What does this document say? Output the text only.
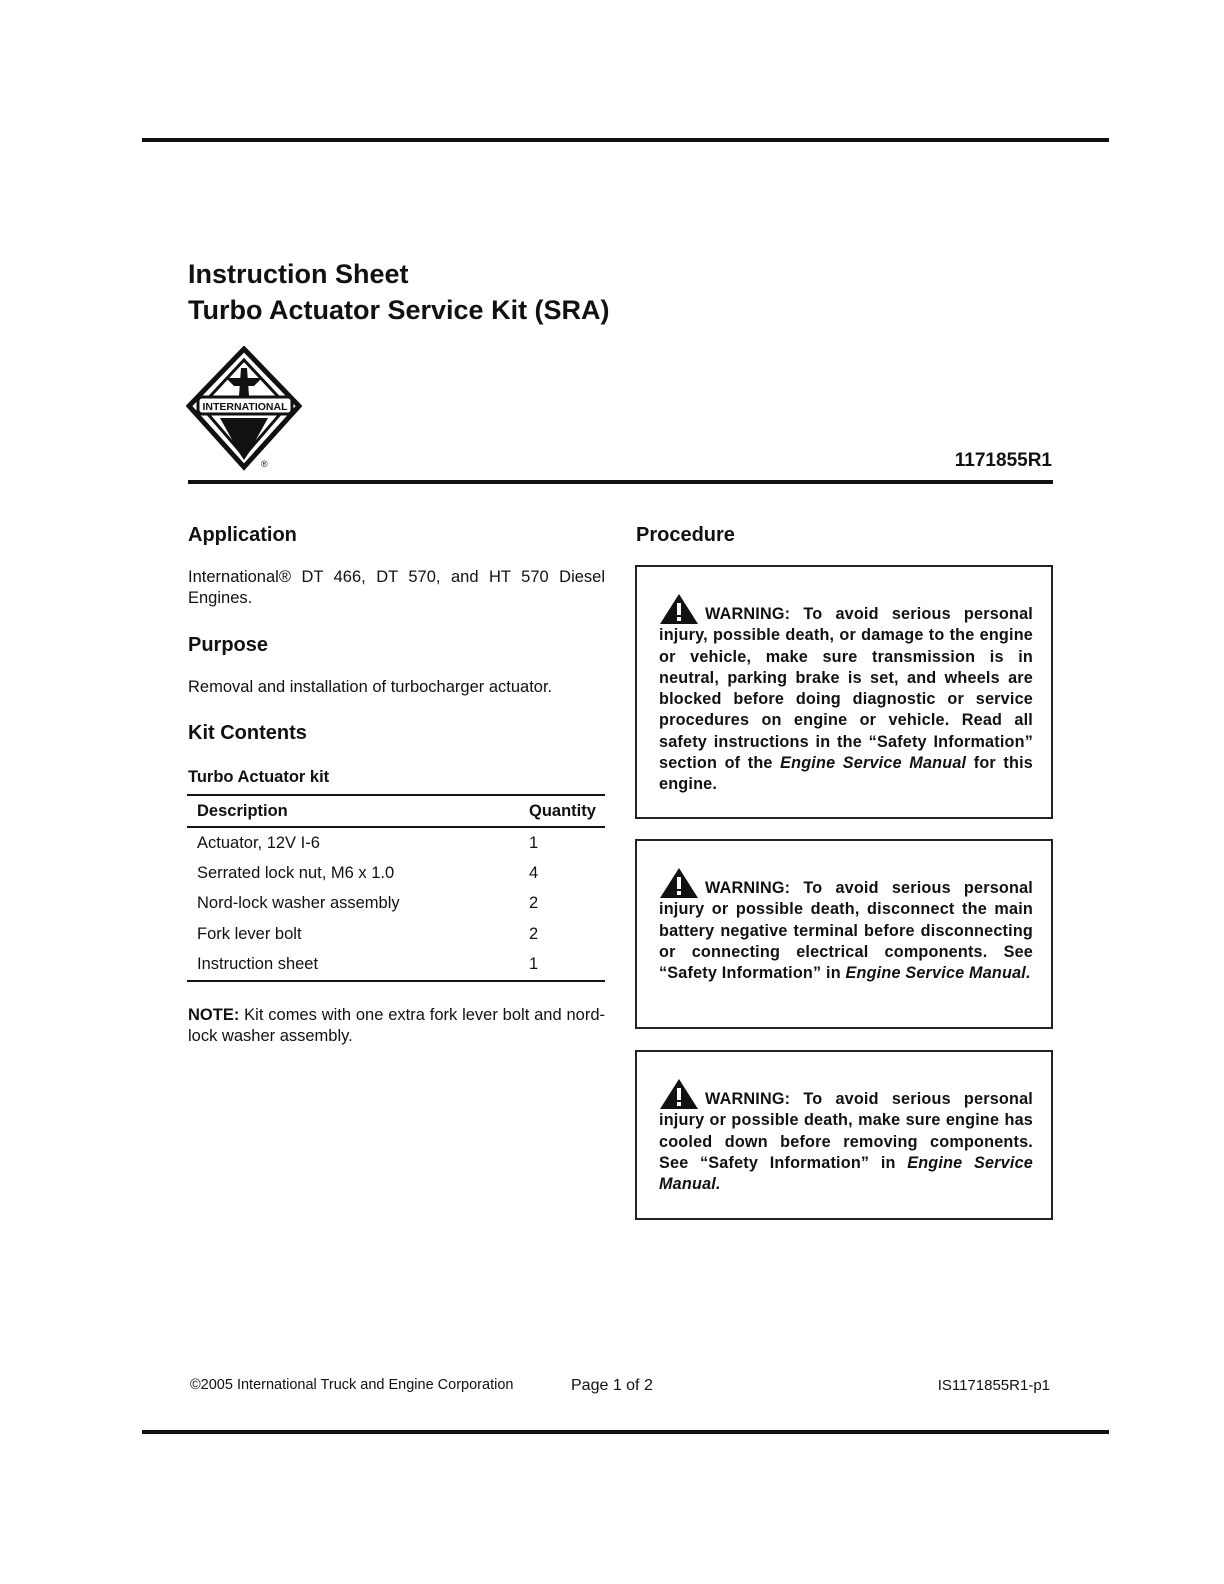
Instruction Sheet
Turbo Actuator Service Kit (SRA)
INTERNATIONAL
®	1171855R1
Application
International® DT 466, DT 570, and HT 570 Diesel Engines.
Purpose
Removal and installation of turbocharger actuator.
Kit Contents
Turbo Actuator kit
Description	Quantity
Actuator, 12V I-6	1
Serrated lock nut, M6 x 1.0	4
Nord-lock washer assembly	2
Fork lever bolt	2
Instruction sheet	1
NOTE: Kit comes with one extra fork lever bolt and nord-lock washer assembly.
Procedure
WARNING: To avoid serious personal injury, possible death, or damage to the engine or vehicle, make sure transmission is in neutral, parking brake is set, and wheels are blocked before doing diagnostic or service procedures on engine or vehicle. Read all safety instructions in the “Safety Information” section of the Engine Service Manual for this engine.
WARNING: To avoid serious personal injury or possible death, disconnect the main battery negative terminal before disconnecting or connecting electrical components. See “Safety Information” in Engine Service Manual.
WARNING: To avoid serious personal injury or possible death, make sure engine has cooled down before removing components. See “Safety Information” in Engine Service Manual.
©2005 International Truck and Engine Corporation	Page 1 of 2	IS1171855R1-p1
